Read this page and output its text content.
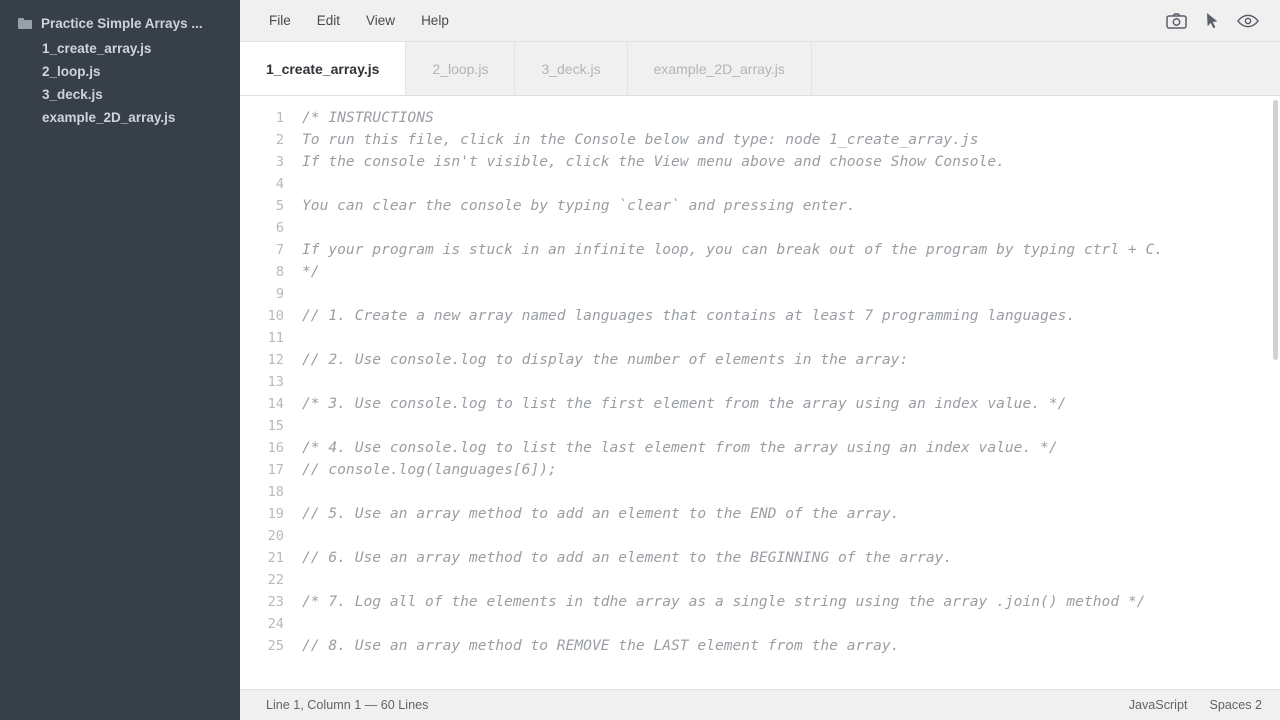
Practice Simple Arrays ...
1_create_array.js
2_loop.js
3_deck.js
example_2D_array.js
File	Edit	View	Help
1_create_array.js	2_loop.js	3_deck.js	example_2D_array.js
1
2
3
4
5
6
7
8
9
10
11
12
13
14
15
16
17
18
19
20
21
22
23
24
25
/* INSTRUCTIONS
To run this file, click in the Console below and type: node 1_create_array.js
If the console isn't visible, click the View menu above and choose Show Console.
You can clear the console by typing `clear` and pressing enter.
If your program is stuck in an infinite loop, you can break out of the program by typing ctrl + C.
*/
// 1. Create a new array named languages that contains at least 7 programming languages.
// 2. Use console.log to display the number of elements in the array:
/* 3. Use console.log to list the first element from the array using an index value. */
/* 4. Use console.log to list the last element from the array using an index value. */
// console.log(languages[6]);
// 5. Use an array method to add an element to the END of the array.
// 6. Use an array method to add an element to the BEGINNING of the array.
/* 7. Log all of the elements in tdhe array as a single string using the array .join() method */
// 8. Use an array method to REMOVE the LAST element from the array.
Line 1, Column 1 — 60 Lines	JavaScript Spaces 2
